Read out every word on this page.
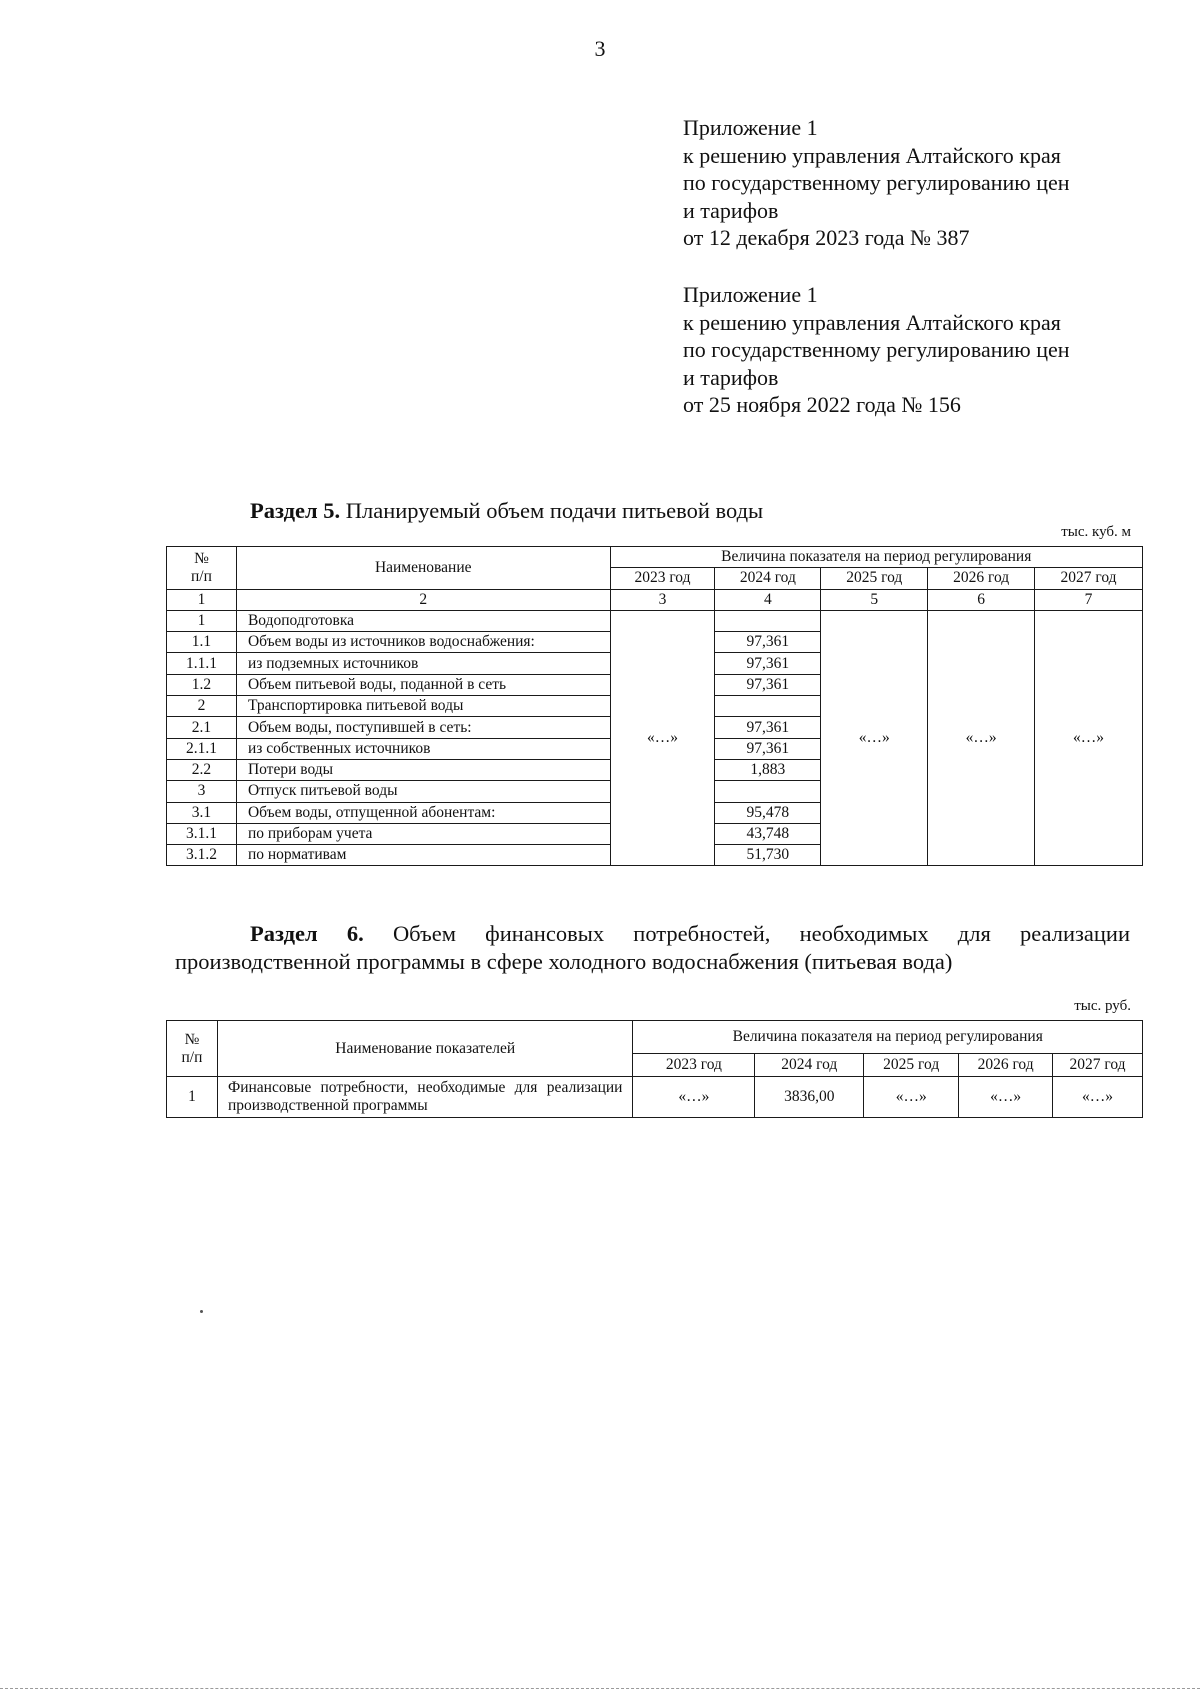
3
Приложение 1
к решению управления Алтайского края
по государственному регулированию цен
и тарифов
от 12 декабря 2023 года № 387
Приложение 1
к решению управления Алтайского края
по государственному регулированию цен
и тарифов
от 25 ноября 2022 года № 156
Раздел 5. Планируемый объем подачи питьевой воды
тыс. куб. м
№
п/п	Наименование	Величина показателя на период регулирования				
		2023 год	2024 год	2025 год	2026 год	2027 год
1	2	3	4	5	6	7
1	Водоподготовка	«…»		«…»	«…»	«…»
1.1	Объем воды из источников водоснабжения:		97,361			
1.1.1	из подземных источников		97,361			
1.2	Объем питьевой воды, поданной в сеть		97,361			
2	Транспортировка питьевой воды					
2.1	Объем воды, поступившей в сеть:		97,361			
2.1.1	из собственных источников		97,361			
2.2	Потери воды		1,883			
3	Отпуск питьевой воды					
3.1	Объем воды, отпущенной абонентам:		95,478			
3.1.1	по приборам учета		43,748			
3.1.2	по нормативам		51,730			
Раздел 6. Объем финансовых потребностей, необходимых для реализации производственной программы в сфере холодного водоснабжения (питьевая вода)
тыс. руб.
№
п/п	Наименование показателей	Величина показателя на период регулирования				
		2023 год	2024 год	2025 год	2026 год	2027 год
1	Финансовые потребности, необходимые для реализации производственной программы	«…»	3836,00	«…»	«…»	«…»
